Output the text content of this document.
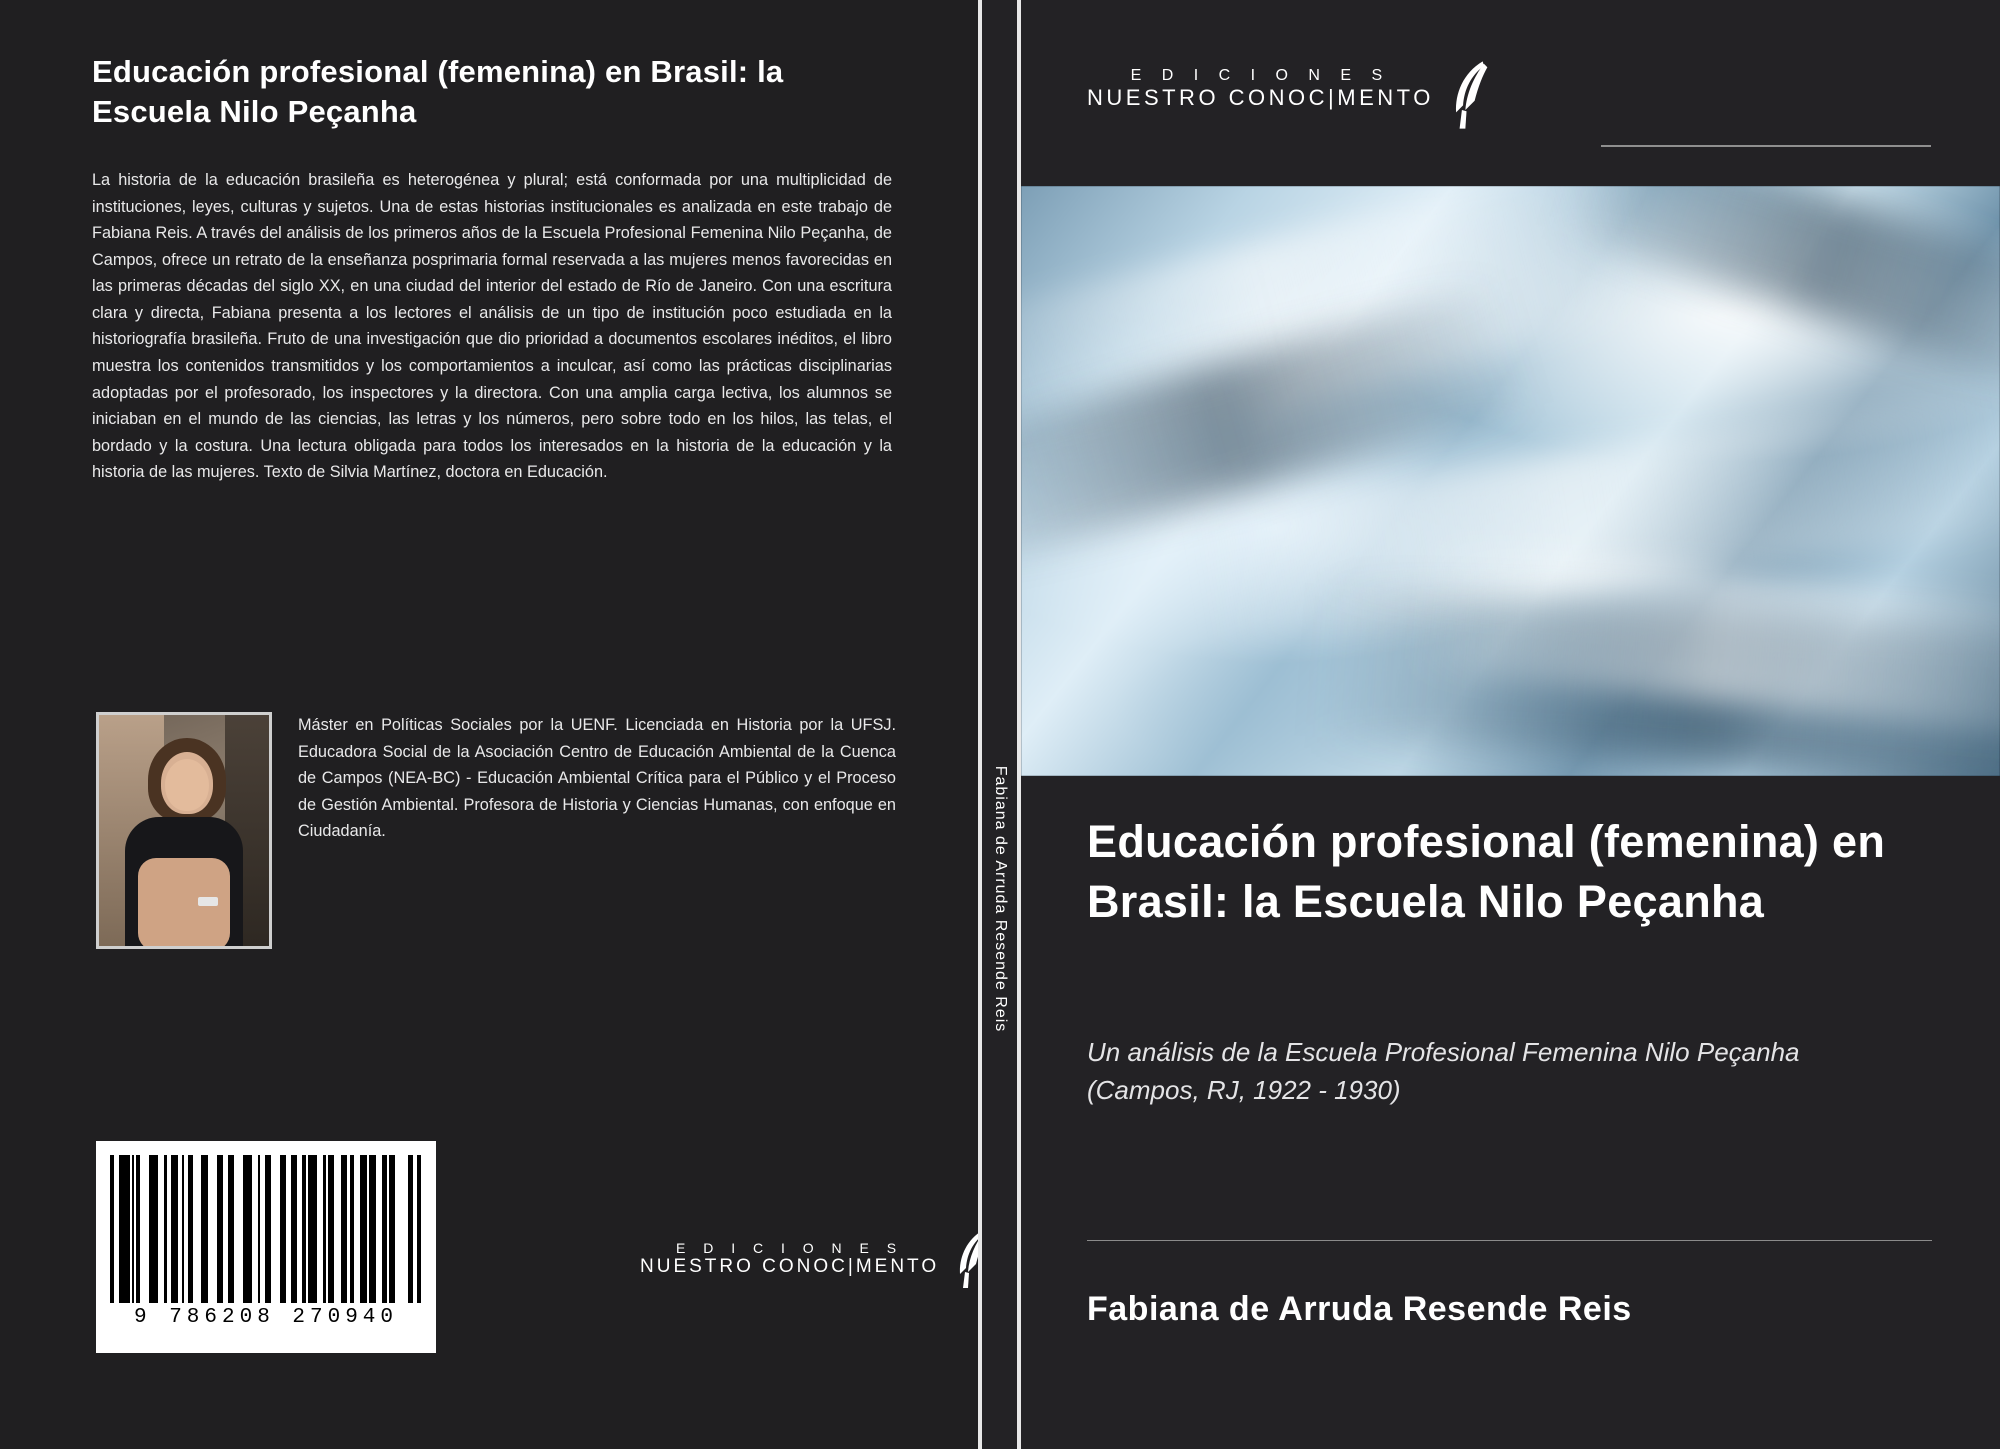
Educación profesional (femenina) en Brasil: la Escuela Nilo Peçanha
La historia de la educación brasileña es heterogénea y plural; está conformada por una multiplicidad de instituciones, leyes, culturas y sujetos. Una de estas historias institucionales es analizada en este trabajo de Fabiana Reis. A través del análisis de los primeros años de la Escuela Profesional Femenina Nilo Peçanha, de Campos, ofrece un retrato de la enseñanza posprimaria formal reservada a las mujeres menos favorecidas en las primeras décadas del siglo XX, en una ciudad del interior del estado de Río de Janeiro. Con una escritura clara y directa, Fabiana presenta a los lectores el análisis de un tipo de institución poco estudiada en la historiografía brasileña. Fruto de una investigación que dio prioridad a documentos escolares inéditos, el libro muestra los contenidos transmitidos y los comportamientos a inculcar, así como las prácticas disciplinarias adoptadas por el profesorado, los inspectores y la directora. Con una amplia carga lectiva, los alumnos se iniciaban en el mundo de las ciencias, las letras y los números, pero sobre todo en los hilos, las telas, el bordado y la costura. Una lectura obligada para todos los interesados en la historia de la educación y la historia de las mujeres. Texto de Silvia Martínez, doctora en Educación.
Máster en Políticas Sociales por la UENF. Licenciada en Historia por la UFSJ. Educadora Social de la Asociación Centro de Educación Ambiental de la Cuenca de Campos (NEA-BC) - Educación Ambiental Crítica para el Público y el Proceso de Gestión Ambiental. Profesora de Historia y Ciencias Humanas, con enfoque en Ciudadanía.
9 786208 270940
E D I C I O N E S
NUESTRO CONOC|MENTO
Fabiana de Arruda Resende Reis
E D I C I O N E S
NUESTRO CONOC|MENTO
Educación profesional (femenina) en Brasil: la Escuela Nilo Peçanha
Un análisis de la Escuela Profesional Femenina Nilo Peçanha (Campos, RJ, 1922 - 1930)
Fabiana de Arruda Resende Reis
